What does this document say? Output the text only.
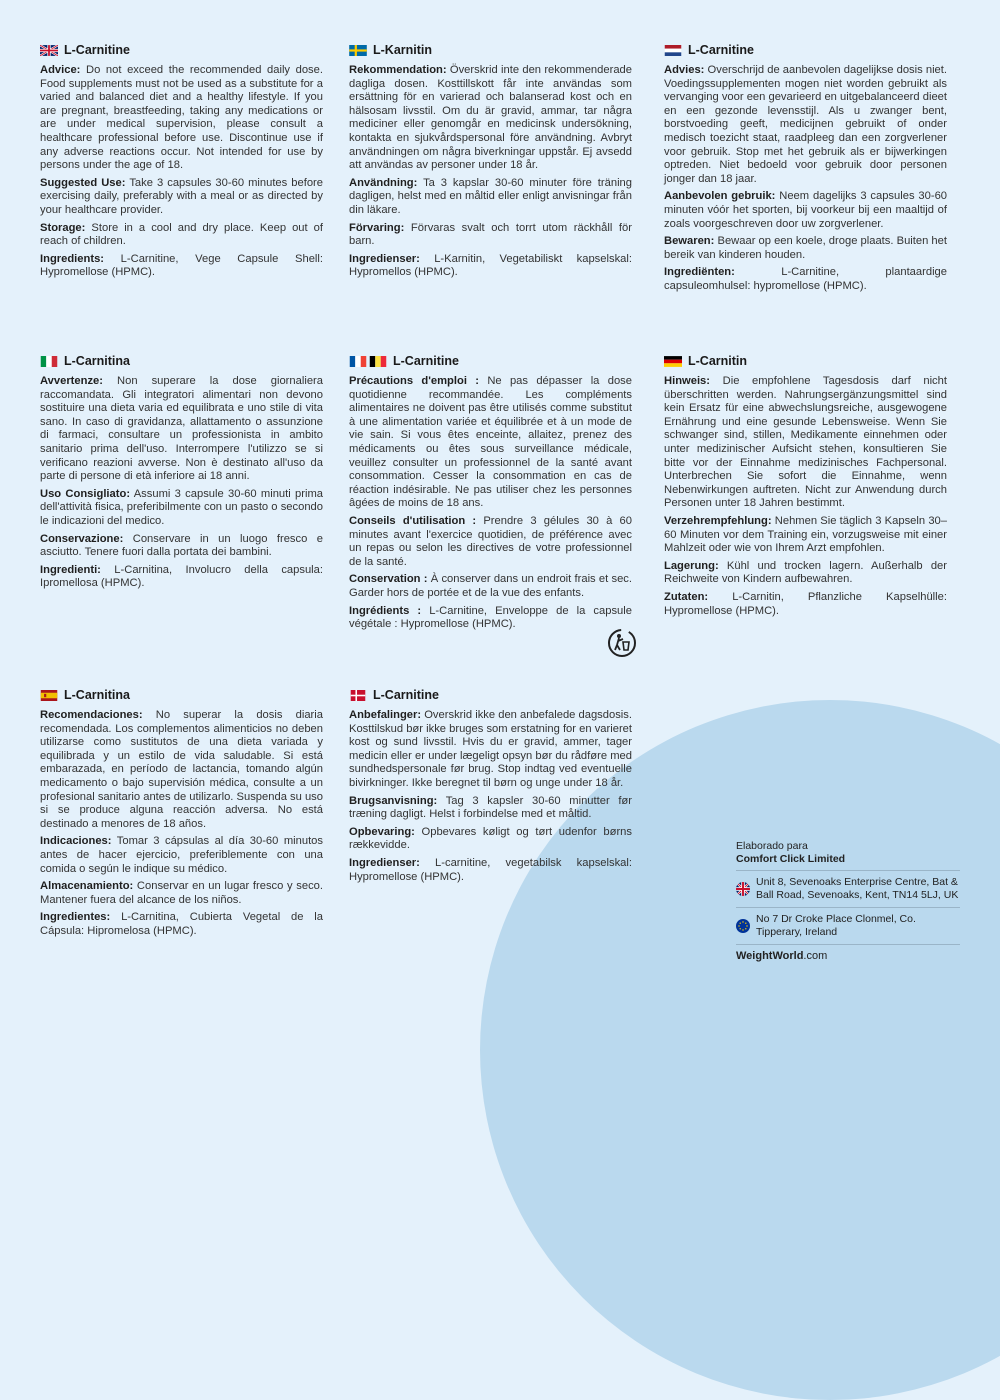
L-Carnitine

Advice: Do not exceed the recommended daily dose. Food supplements must not be used as a substitute for a varied and balanced diet and a healthy lifestyle. If you are pregnant, breastfeeding, taking any medications or are under medical supervision, please consult a healthcare professional before use. Discontinue use if any adverse reactions occur. Not intended for use by persons under the age of 18.

Suggested Use: Take 3 capsules 30-60 minutes before exercising daily, preferably with a meal or as directed by your healthcare provider.

Storage: Store in a cool and dry place. Keep out of reach of children.

Ingredients: L-Carnitine, Vege Capsule Shell: Hypromellose (HPMC).

L-Karnitin

Rekommendation: Överskrid inte den rekommenderade dagliga dosen. Kosttillskott får inte användas som ersättning för en varierad och balanserad kost och en hälsosam livsstil. Om du är gravid, ammar, tar några mediciner eller genomgår en medicinsk undersökning, kontakta en sjukvårdspersonal före användning. Avbryt användningen om några biverkningar uppstår. Ej avsedd att användas av personer under 18 år.

Användning: Ta 3 kapslar 30-60 minuter före träning dagligen, helst med en måltid eller enligt anvisningar från din läkare.

Förvaring: Förvaras svalt och torrt utom räckhåll för barn.

Ingredienser: L-Karnitin, Vegetabiliskt kapselskal: Hypromellos (HPMC).

L-Carnitine

Advies: Overschrijd de aanbevolen dagelijkse dosis niet. Voedingssupplementen mogen niet worden gebruikt als vervanging voor een gevarieerd en uitgebalanceerd dieet en een gezonde levensstijl. Als u zwanger bent, borstvoeding geeft, medicijnen gebruikt of onder medisch toezicht staat, raadpleeg dan een zorgverlener voor gebruik. Stop met het gebruik als er bijwerkingen optreden. Niet bedoeld voor gebruik door personen jonger dan 18 jaar.

Aanbevolen gebruik: Neem dagelijks 3 capsules 30-60 minuten vóór het sporten, bij voorkeur bij een maaltijd of zoals voorgeschreven door uw zorgverlener.

Bewaren: Bewaar op een koele, droge plaats. Buiten het bereik van kinderen houden.

Ingrediënten: L-Carnitine, plantaardige capsuleomhulsel: hypromellose (HPMC).

L-Carnitina

Avvertenze: Non superare la dose giornaliera raccomandata. Gli integratori alimentari non devono sostituire una dieta varia ed equilibrata e uno stile di vita sano. In caso di gravidanza, allattamento o assunzione di farmaci, consultare un professionista in ambito sanitario prima dell'uso. Interrompere l'utilizzo se si verificano reazioni avverse. Non è destinato all'uso da parte di persone di età inferiore ai 18 anni.

Uso Consigliato: Assumi 3 capsule 30-60 minuti prima dell'attività fisica, preferibilmente con un pasto o secondo le indicazioni del medico.

Conservazione: Conservare in un luogo fresco e asciutto. Tenere fuori dalla portata dei bambini.

Ingredienti: L-Carnitina, Involucro della capsula: Ipromellosa (HPMC).

L-Carnitine

Précautions d'emploi : Ne pas dépasser la dose quotidienne recommandée. Les compléments alimentaires ne doivent pas être utilisés comme substitut à une alimentation variée et équilibrée et à un mode de vie sain. Si vous êtes enceinte, allaitez, prenez des médicaments ou êtes sous surveillance médicale, veuillez consulter un professionnel de la santé avant consommation. Cesser la consommation en cas de réaction indésirable. Ne pas utiliser chez les personnes âgées de moins de 18 ans.

Conseils d'utilisation : Prendre 3 gélules 30 à 60 minutes avant l'exercice quotidien, de préférence avec un repas ou selon les directives de votre professionnel de la santé.

Conservation : À conserver dans un endroit frais et sec. Garder hors de portée et de la vue des enfants.

Ingrédients : L-Carnitine, Enveloppe de la capsule végétale : Hypromellose (HPMC).

L-Carnitin

Hinweis: Die empfohlene Tagesdosis darf nicht überschritten werden. Nahrungsergänzungsmittel sind kein Ersatz für eine abwechslungsreiche, ausgewogene Ernährung und eine gesunde Lebensweise. Wenn Sie schwanger sind, stillen, Medikamente einnehmen oder unter medizinischer Aufsicht stehen, konsultieren Sie bitte vor der Einnahme medizinisches Fachpersonal. Unterbrechen Sie sofort die Einnahme, wenn Nebenwirkungen auftreten. Nicht zur Anwendung durch Personen unter 18 Jahren bestimmt.

Verzehrempfehlung: Nehmen Sie täglich 3 Kapseln 30–60 Minuten vor dem Training ein, vorzugsweise mit einer Mahlzeit oder wie von Ihrem Arzt empfohlen.

Lagerung: Kühl und trocken lagern. Außerhalb der Reichweite von Kindern aufbewahren.

Zutaten: L-Carnitin, Pflanzliche Kapselhülle: Hypromellose (HPMC).

L-Carnitina

Recomendaciones: No superar la dosis diaria recomendada. Los complementos alimenticios no deben utilizarse como sustitutos de una dieta variada y equilibrada y un estilo de vida saludable. Si está embarazada, en período de lactancia, tomando algún medicamento o bajo supervisión médica, consulte a un profesional sanitario antes de utilizarlo. Suspenda su uso si se produce alguna reacción adversa. No está destinado a menores de 18 años.

Indicaciones: Tomar 3 cápsulas al día 30-60 minutos antes de hacer ejercicio, preferiblemente con una comida o según le indique su médico.

Almacenamiento: Conservar en un lugar fresco y seco. Mantener fuera del alcance de los niños.

Ingredientes: L-Carnitina, Cubierta Vegetal de la Cápsula: Hipromelosa (HPMC).

L-Carnitine

Anbefalinger: Overskrid ikke den anbefalede dagsdosis. Kosttilskud bør ikke bruges som erstatning for en varieret kost og sund livsstil. Hvis du er gravid, ammer, tager medicin eller er under lægeligt opsyn bør du rådføre med sundhedspersonale før brug. Stop indtag ved eventuelle bivirkninger. Ikke beregnet til børn og unge under 18 år.

Brugsanvisning: Tag 3 kapsler 30-60 minutter før træning dagligt. Helst i forbindelse med et måltid.

Opbevaring: Opbevares køligt og tørt udenfor børns rækkevidde.

Ingredienser: L-carnitine, vegetabilsk kapselskal: Hypromellose (HPMC).

Elaborado para
Comfort Click Limited
Unit 8, Sevenoaks Enterprise Centre, Bat & Ball Road, Sevenoaks, Kent, TN14 5LJ, UK
No 7 Dr Croke Place Clonmel, Co. Tipperary, Ireland
WeightWorld.com
